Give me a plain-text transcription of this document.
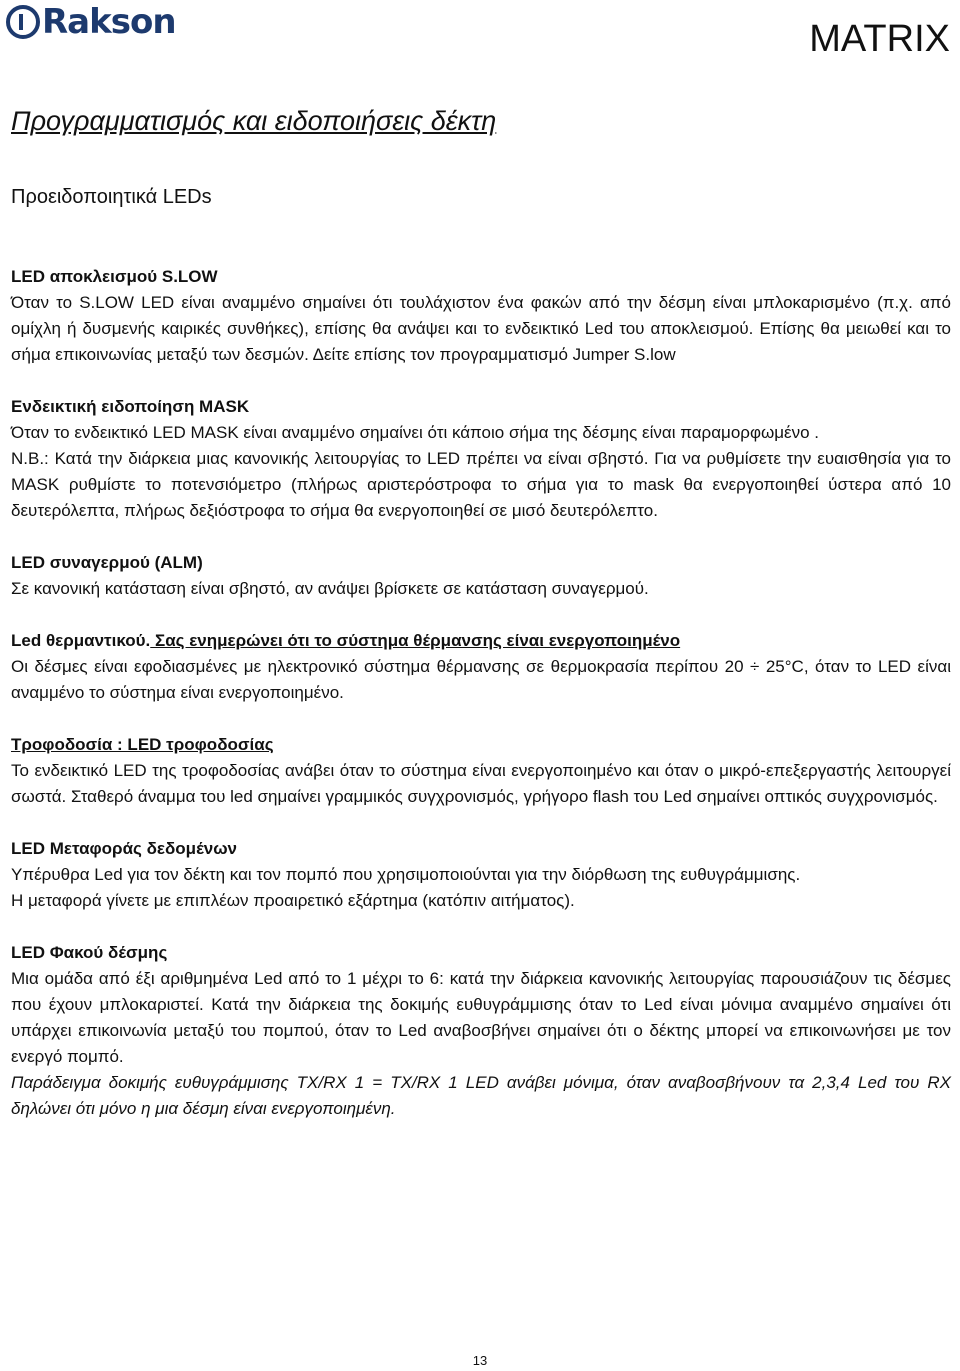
Rakson	MATRIX
Προγραμματισμός και ειδοποιήσεις δέκτη
Προειδοποιητικά LEDs
LED αποκλεισμού S.LOW

Όταν το S.LOW LED είναι αναμμένο σημαίνει ότι τουλάχιστον ένα φακών από την δέσμη είναι μπλοκαρισμένο (π.χ. από ομίχλη ή δυσμενής καιρικές συνθήκες), επίσης θα ανάψει και το ενδεικτικό Led του αποκλεισμού. Επίσης θα μειωθεί και το σήμα επικοινωνίας μεταξύ των δεσμών. Δείτε επίσης τον προγραμματισμό Jumper S.low

Ενδεικτική ειδοποίηση MASK

Όταν το ενδεικτικό LED MASK είναι αναμμένο σημαίνει ότι κάποιο σήμα της δέσμης είναι παραμορφωμένο .

N.B.: Κατά την διάρκεια μιας κανονικής λειτουργίας το LED πρέπει να είναι σβηστό. Για να ρυθμίσετε την ευαισθησία για το MASK ρυθμίστε το ποτενσιόμετρο (πλήρως αριστερόστροφα το σήμα για το mask θα ενεργοποιηθεί ύστερα από 10 δευτερόλεπτα, πλήρως δεξιόστροφα το σήμα θα ενεργοποιηθεί σε μισό δευτερόλεπτο.

LED συναγερμού (ALM)

Σε κανονική κατάσταση είναι σβηστό, αν ανάψει βρίσκετε σε κατάσταση συναγερμού.

Led θερμαντικού. Σας ενημερώνει ότι το σύστημα θέρμανσης είναι ενεργοποιημένο

Οι δέσμες είναι εφοδιασμένες με ηλεκτρονικό σύστημα θέρμανσης σε θερμοκρασία περίπου 20 ÷ 25°C, όταν το LED είναι αναμμένο το σύστημα είναι ενεργοποιημένο.

Τροφοδοσία : LED τροφοδοσίας

Το ενδεικτικό LED της τροφοδοσίας ανάβει όταν το σύστημα είναι ενεργοποιημένο και όταν ο μικρό-επεξεργαστής λειτουργεί σωστά. Σταθερό άναμμα του led σημαίνει γραμμικός συγχρονισμός, γρήγορο flash του Led σημαίνει οπτικός συγχρονισμός.

LED Μεταφοράς δεδομένων

Υπέρυθρα Led για τον δέκτη και τον πομπό που χρησιμοποιούνται για την διόρθωση της ευθυγράμμισης.

Η μεταφορά γίνετε με επιπλέων προαιρετικό εξάρτημα (κατόπιν αιτήματος).

LED Φακού δέσμης

Μια ομάδα από έξι αριθμημένα Led από το 1 μέχρι το 6: κατά την διάρκεια κανονικής λειτουργίας παρουσιάζουν τις δέσμες που έχουν μπλοκαριστεί. Κατά την διάρκεια της δοκιμής ευθυγράμμισης όταν το Led είναι μόνιμα αναμμένο σημαίνει ότι υπάρχει επικοινωνία μεταξύ του πομπού, όταν το Led αναβοσβήνει σημαίνει ότι ο δέκτης μπορεί να επικοινωνήσει με τον ενεργό πομπό.

Παράδειγμα δοκιμής ευθυγράμμισης TX/RX 1 = TX/RX 1 LED ανάβει μόνιμα, όταν αναβοσβήνουν τα 2,3,4 Led του RX δηλώνει ότι μόνο η μια δέσμη είναι ενεργοποιημένη.

13
